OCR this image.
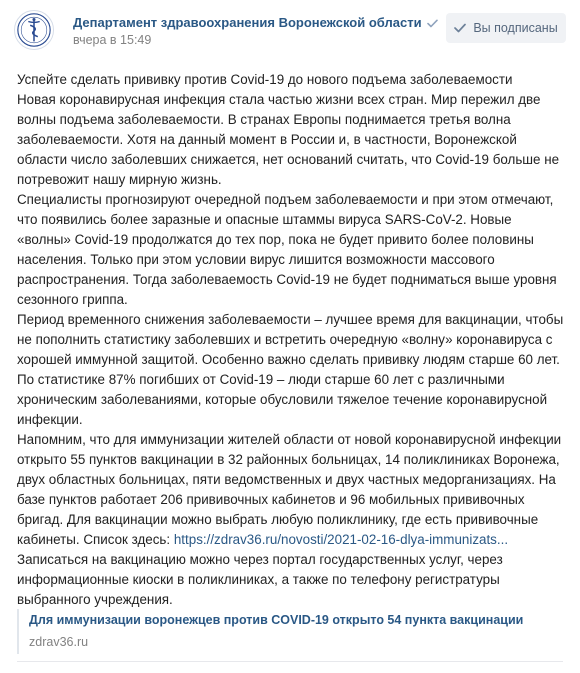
Департамент здравоохранения Воронежской области
вчера в 15:49
Вы подписаны

Успейте сделать прививку против Covid-19 до нового подъема заболеваемости

Новая коронавирусная инфекция стала частью жизни всех стран. Мир пережил две волны подъема заболеваемости. В странах Европы поднимается третья волна заболеваемости. Хотя на данный момент в России и, в частности, Воронежской области число заболевших снижается, нет оснований считать, что Covid-19 больше не потревожит нашу мирную жизнь.

Специалисты прогнозируют очередной подъем заболеваемости и при этом отмечают, что появились более заразные и опасные штаммы вируса SARS-CoV-2. Новые «волны» Covid-19 продолжатся до тех пор, пока не будет привито более половины населения. Только при этом условии вирус лишится возможности массового распространения. Тогда заболеваемость Covid-19 не будет подниматься выше уровня сезонного гриппа.

Период временного снижения заболеваемости – лучшее время для вакцинации, чтобы не пополнить статистику заболевших и встретить очередную «волну» коронавируса с хорошей иммунной защитой. Особенно важно сделать прививку людям старше 60 лет. По статистике 87% погибших от Covid-19 – люди старше 60 лет с различными хроническим заболеваниями, которые обусловили тяжелое течение коронавирусной инфекции.

Напомним, что для иммунизации жителей области от новой коронавирусной инфекции открыто 55 пунктов вакцинации в 32 районных больницах, 14 поликлиниках Воронежа, двух областных больницах, пяти ведомственных и двух частных медорганизациях. На базе пунктов работает 206 прививочных кабинетов и 96 мобильных прививочных бригад. Для вакцинации можно выбрать любую поликлинику, где есть прививочные кабинеты. Список здесь: https://zdrav36.ru/novosti/2021-02-16-dlya-immunizats... Записаться на вакцинацию можно через портал государственных услуг, через информационные киоски в поликлиниках, а также по телефону регистратуры выбранного учреждения.

Для иммунизации воронежцев против COVID-19 открыто 54 пункта вакцинации
zdrav36.ru
